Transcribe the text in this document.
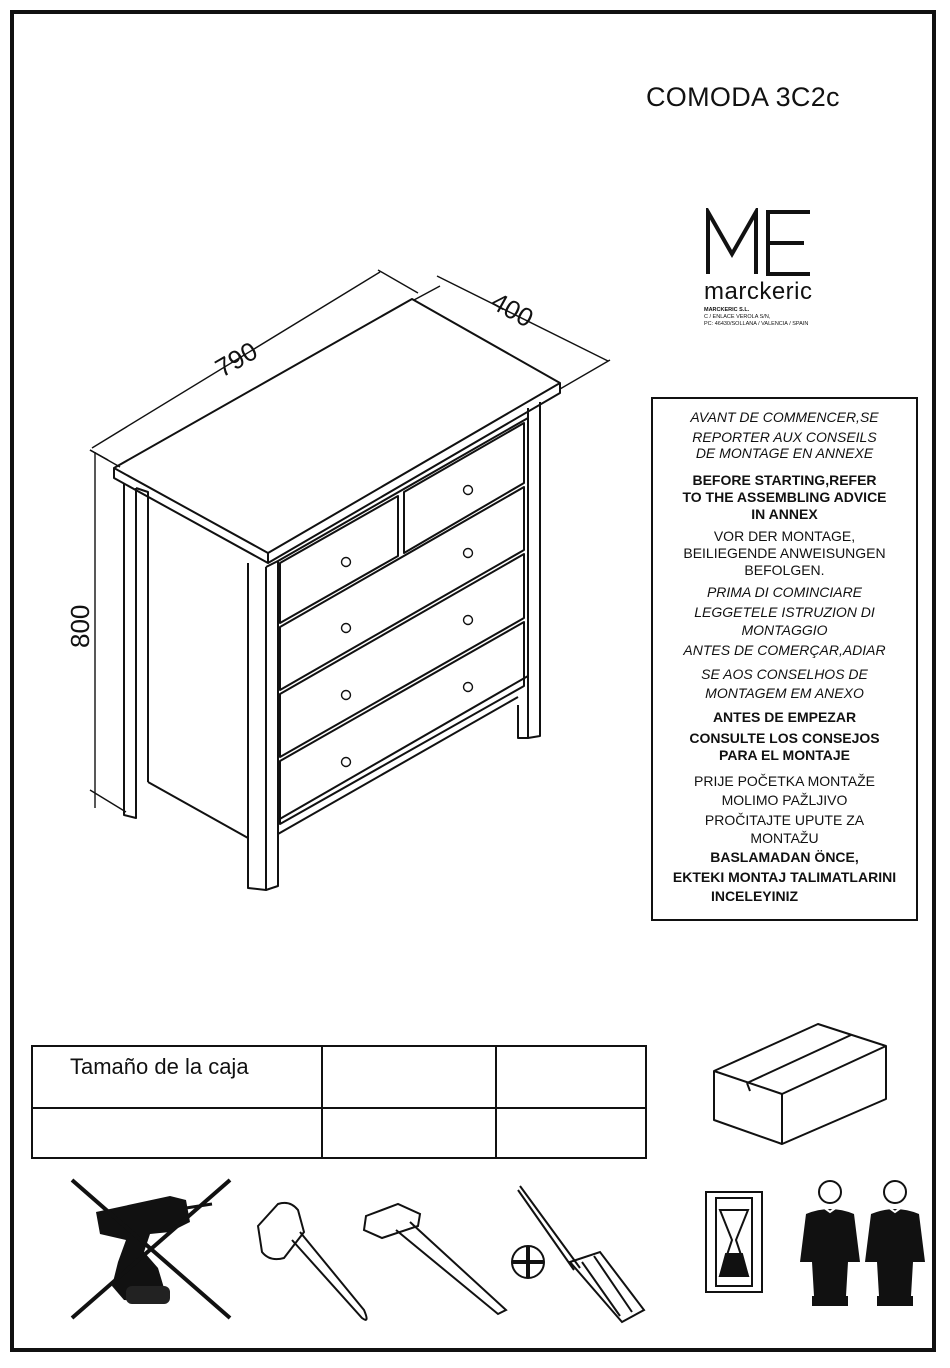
COMODA 3C2c
marckeric
MARCKERIC S.L.
C / ENLACE VEROLA S/N,
PC: 46430/SOLLANA / VALENCIA / SPAIN
790
400
800
AVANT DE COMMENCER,SE
REPORTER AUX CONSEILS
DE MONTAGE EN ANNEXE
BEFORE STARTING,REFER
TO THE ASSEMBLING ADVICE
IN ANNEX
VOR DER MONTAGE,
BEILIEGENDE ANWEISUNGEN
BEFOLGEN.
PRIMA DI COMINCIARE
LEGGETELE ISTRUZION DI
MONTAGGIO
ANTES DE COMERÇAR,ADIAR
SE AOS CONSELHOS DE
MONTAGEM EM ANEXO
ANTES DE EMPEZAR
CONSULTE LOS CONSEJOS
PARA EL MONTAJE
PRIJE POČETKA MONTAŽE
MOLIMO PAŽLJIVO
PROČITAJTE UPUTE ZA
MONTAŽU
BASLAMADAN ÖNCE,
EKTEKI MONTAJ TALIMATLARINI
INCELEYINIZ
Tamaño de la caja		
